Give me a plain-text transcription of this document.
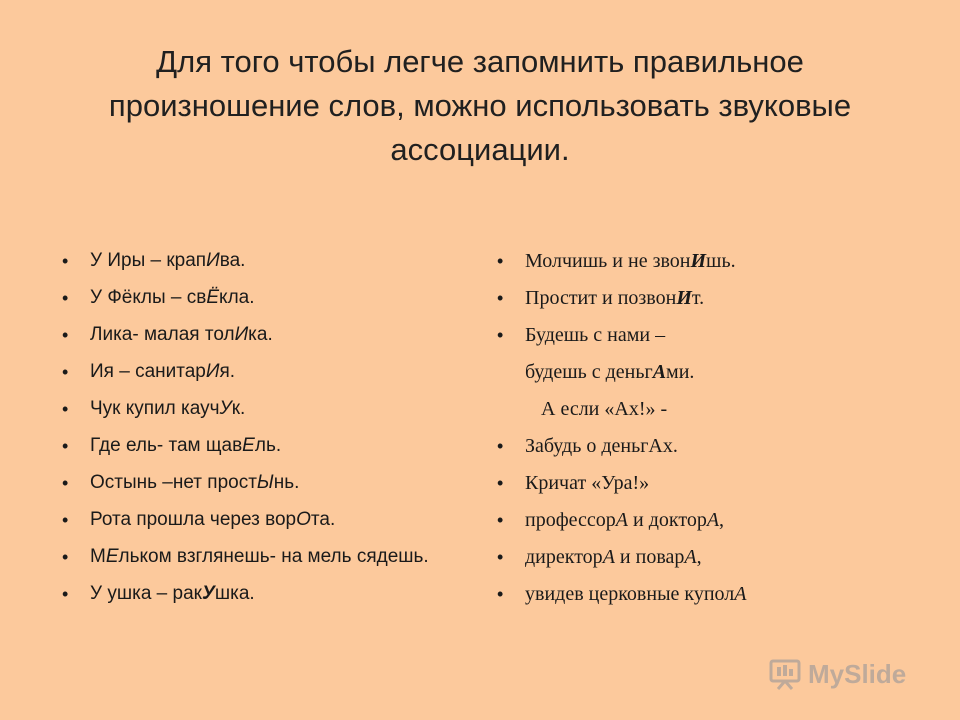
Для того чтобы легче запомнить правильное
произношение слов, можно использовать звуковые
ассоциации.
• У Иры – крапИва.
• У Фёклы – свЁкла.
• Лика- малая толИка.
• Ия – санитарИя.
• Чук купил каучУк.
• Где ель- там щавЕль.
• Остынь –нет простЫнь.
• Рота прошла через ворОта.
• МЕльком взглянешь- на мель сядешь.
• У ушка – ракУшка.
• Молчишь и не звонИшь.
• Простит и позвонИт.
• Будешь с нами –
будешь с деньгАми.
А если «Ах!» -
• Забудь о деньгАх.
• Кричат «Ура!»
• профессорА и докторА,
• директорА и поварА,
• увидев церковные куполА
MySlide
